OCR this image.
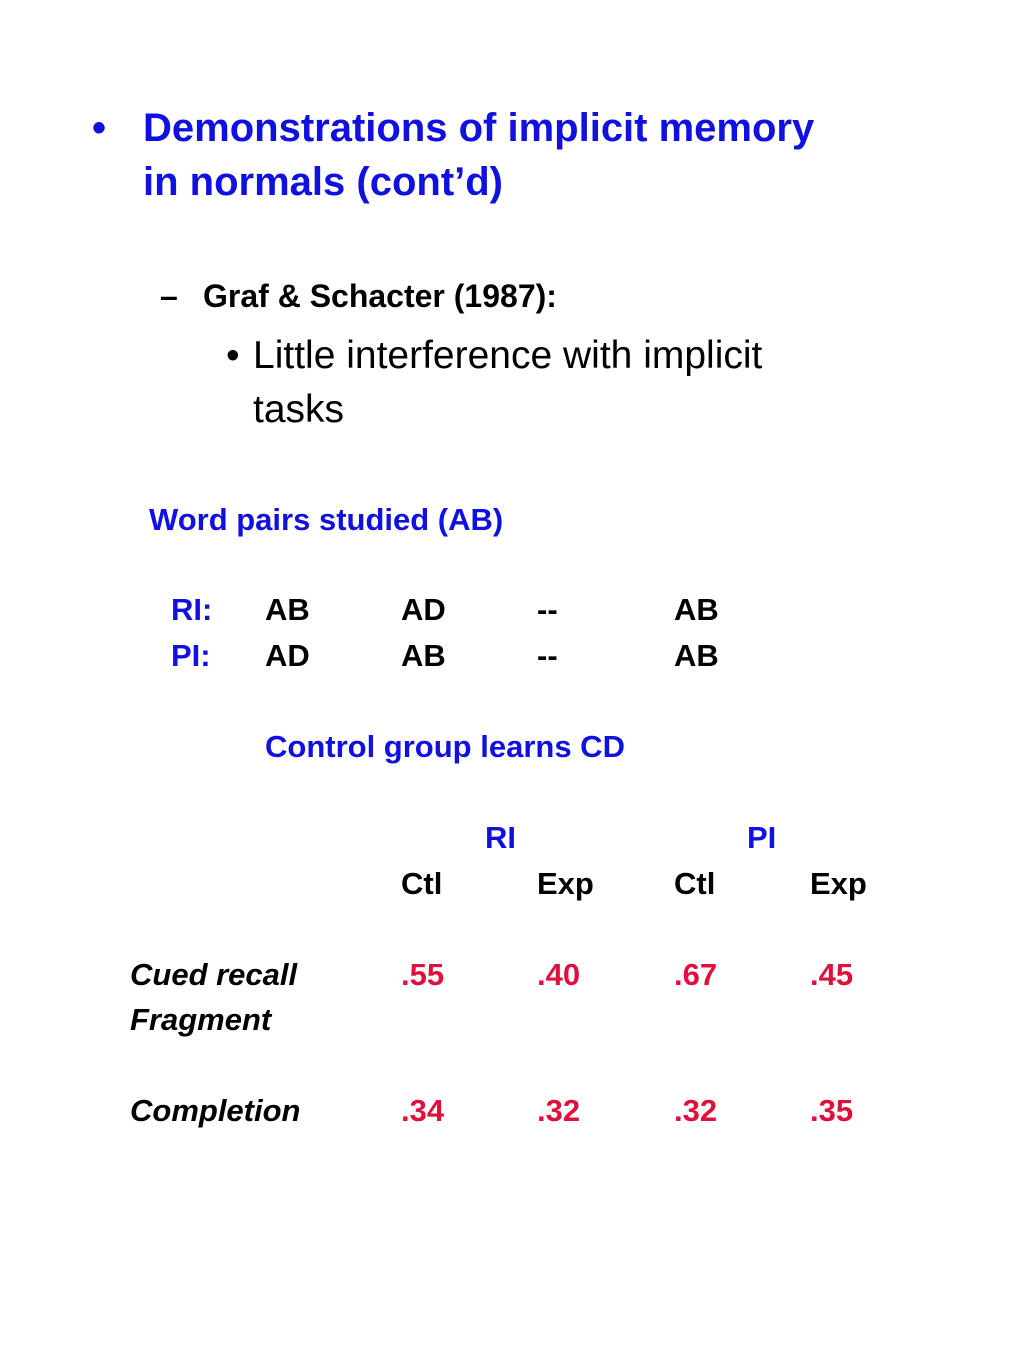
• Demonstrations of implicit memory
in normals (cont’d)
– Graf & Schacter (1987):
• Little interference with implicit
tasks
Word pairs studied (AB)
RI: AB	AD	--	AB
PI: AD	AB	--	AB
Control group learns CD
RI	PI
Ctl	Exp	Ctl	Exp
Cued recall	.55	.40	.67	.45
Fragment
Completion	.34	.32	.32	.35
